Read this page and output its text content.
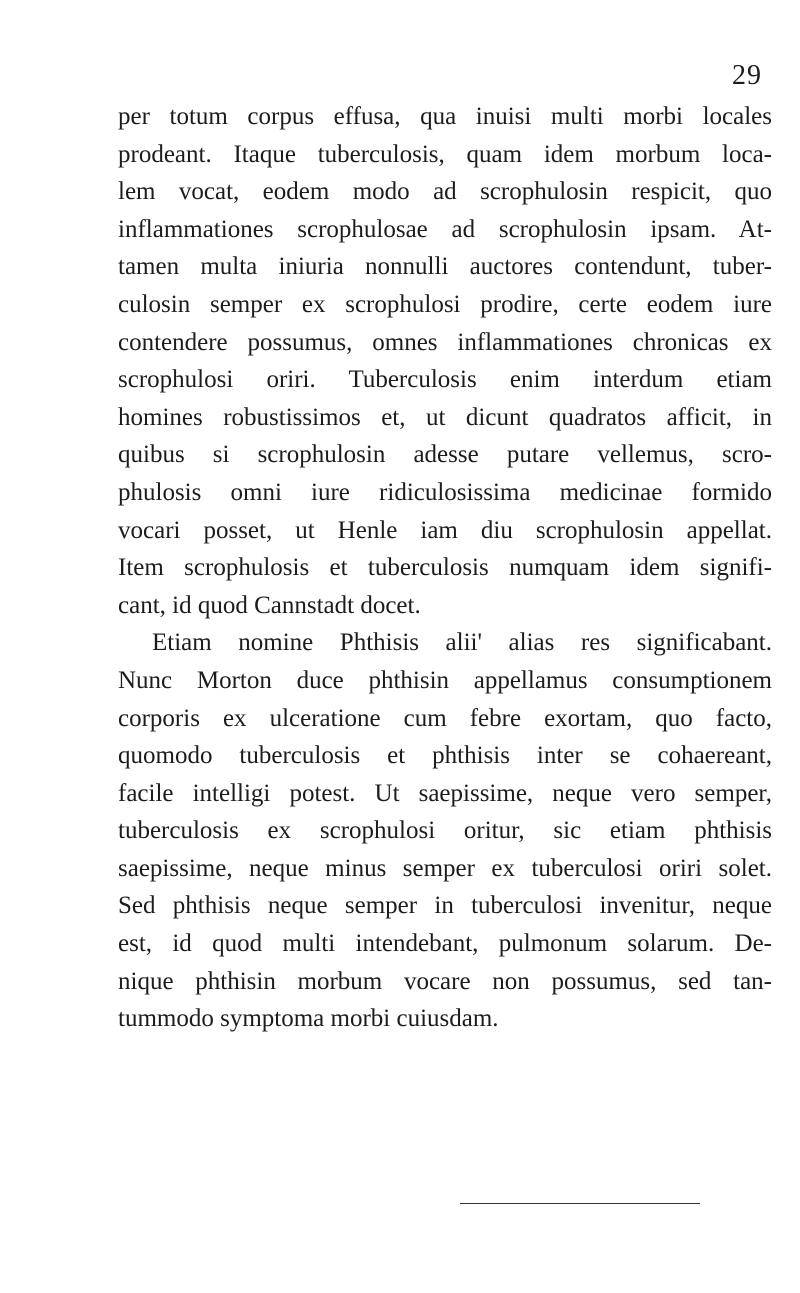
29

per totum corpus effusa, qua inuisi multi morbi locales
prodeant. Itaque tuberculosis, quam idem morbum loca-
lem vocat, eodem modo ad scrophulosin respicit, quo
inflammationes scrophulosae ad scrophulosin ipsam. At-
tamen multa iniuria nonnulli auctores contendunt, tuber-
culosin semper ex scrophulosi prodire, certe eodem iure
contendere possumus, omnes inflammationes chronicas ex
scrophulosi oriri. Tuberculosis enim interdum etiam
homines robustissimos et, ut dicunt quadratos afficit, in
quibus si scrophulosin adesse putare vellemus, scro-
phulosis omni iure ridiculosissima medicinae formido
vocari posset, ut Henle iam diu scrophulosin appellat.
Item scrophulosis et tuberculosis numquam idem signifi-
cant, id quod Cannstadt docet.

Etiam nomine Phthisis alii' alias res significabant.
Nunc Morton duce phthisin appellamus consumptionem
corporis ex ulceratione cum febre exortam, quo facto,
quomodo tuberculosis et phthisis inter se cohaereant,
facile intelligi potest. Ut saepissime, neque vero semper,
tuberculosis ex scrophulosi oritur, sic etiam phthisis
saepissime, neque minus semper ex tuberculosi oriri solet.
Sed phthisis neque semper in tuberculosi invenitur, neque
est, id quod multi intendebant, pulmonum solarum. De-
nique phthisin morbum vocare non possumus, sed tan-
tummodo symptoma morbi cuiusdam.
